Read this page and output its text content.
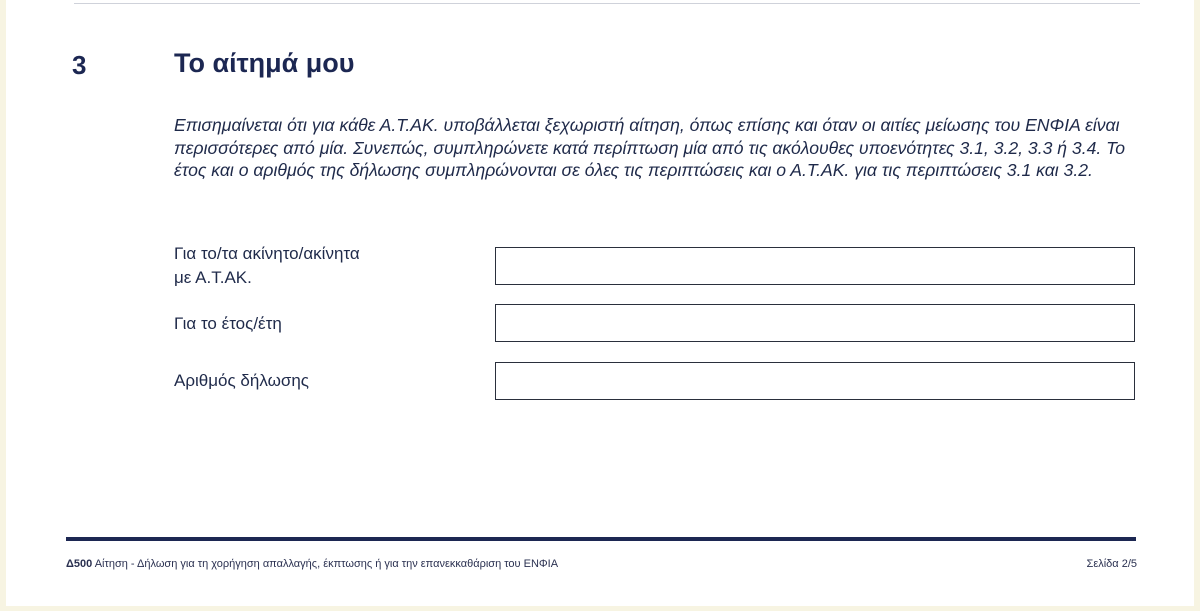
3	Το αίτημά μου

Επισημαίνεται ότι για κάθε Α.Τ.ΑΚ. υποβάλλεται ξεχωριστή αίτηση, όπως επίσης και όταν οι αιτίες μείωσης του ΕΝΦΙΑ είναι περισσότερες από μία. Συνεπώς, συμπληρώνετε κατά περίπτωση μία από τις ακόλουθες υποενότητες 3.1, 3.2, 3.3 ή 3.4. Το έτος και ο αριθμός της δήλωσης συμπληρώνονται σε όλες τις περιπτώσεις και ο Α.Τ.ΑΚ. για τις περιπτώσεις 3.1 και 3.2.

Για το/τα ακίνητο/ακίνητα
με Α.Τ.ΑΚ.
Για το έτος/έτη
Αριθμός δήλωσης
Δ500 Αίτηση - Δήλωση για τη χορήγηση απαλλαγής, έκπτωσης ή για την επανεκκαθάριση του ΕΝΦΙΑ	Σελίδα 2/5
